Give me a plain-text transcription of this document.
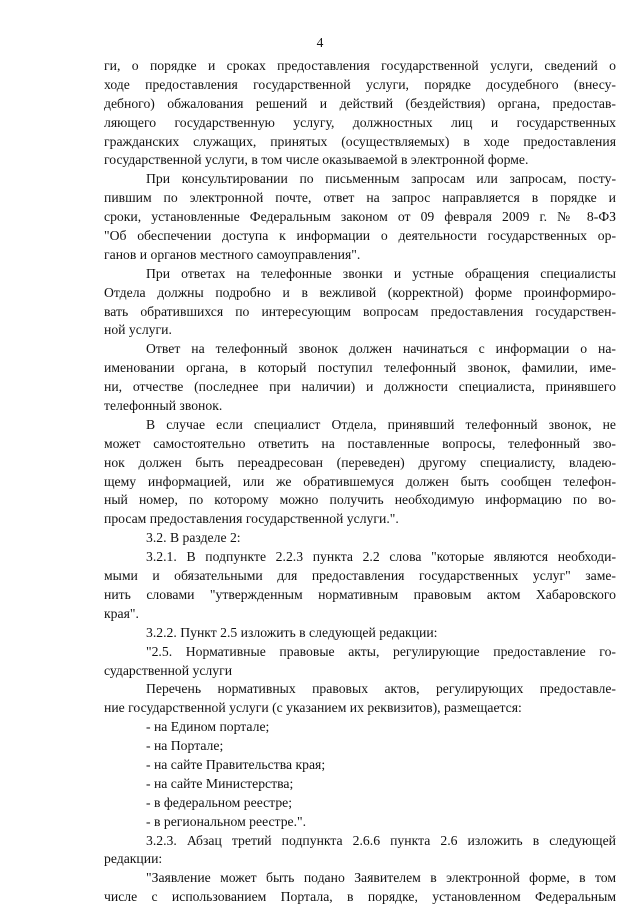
4
ги, о порядке и сроках предоставления государственной услуги, сведений о
ходе предоставления государственной услуги, порядке досудебного (внесу-
дебного) обжалования решений и действий (бездействия) органа, предостав-
ляющего государственную услугу, должностных лиц и государственных
гражданских служащих, принятых (осуществляемых) в ходе предоставления
государственной услуги, в том числе оказываемой в электронной форме.
При консультировании по письменным запросам или запросам, посту-
пившим по электронной почте, ответ на запрос направляется в порядке и
сроки, установленные Федеральным законом от 09 февраля 2009 г. № 8-ФЗ
"Об обеспечении доступа к информации о деятельности государственных ор-
ганов и органов местного самоуправления".
При ответах на телефонные звонки и устные обращения специалисты
Отдела должны подробно и в вежливой (корректной) форме проинформиро-
вать обратившихся по интересующим вопросам предоставления государствен-
ной услуги.
Ответ на телефонный звонок должен начинаться с информации о на-
именовании органа, в который поступил телефонный звонок, фамилии, име-
ни, отчестве (последнее при наличии) и должности специалиста, принявшего
телефонный звонок.
В случае если специалист Отдела, принявший телефонный звонок, не
может самостоятельно ответить на поставленные вопросы, телефонный зво-
нок должен быть переадресован (переведен) другому специалисту, владею-
щему информацией, или же обратившемуся должен быть сообщен телефон-
ный номер, по которому можно получить необходимую информацию по во-
просам предоставления государственной услуги.".
3.2. В разделе 2:
3.2.1. В подпункте 2.2.3 пункта 2.2 слова "которые являются необходи-
мыми и обязательными для предоставления государственных услуг" заме-
нить словами "утвержденным нормативным правовым актом Хабаровского
края".
3.2.2. Пункт 2.5 изложить в следующей редакции:
"2.5. Нормативные правовые акты, регулирующие предоставление го-
сударственной услуги
Перечень нормативных правовых актов, регулирующих предоставле-
ние государственной услуги (с указанием их реквизитов), размещается:
- на Едином портале;
- на Портале;
- на сайте Правительства края;
- на сайте Министерства;
- в федеральном реестре;
- в региональном реестре.".
3.2.3. Абзац третий подпункта 2.6.6 пункта 2.6 изложить в следующей
редакции:
"Заявление может быть подано Заявителем в электронной форме, в том
числе с использованием Портала, в порядке, установленном Федеральным
